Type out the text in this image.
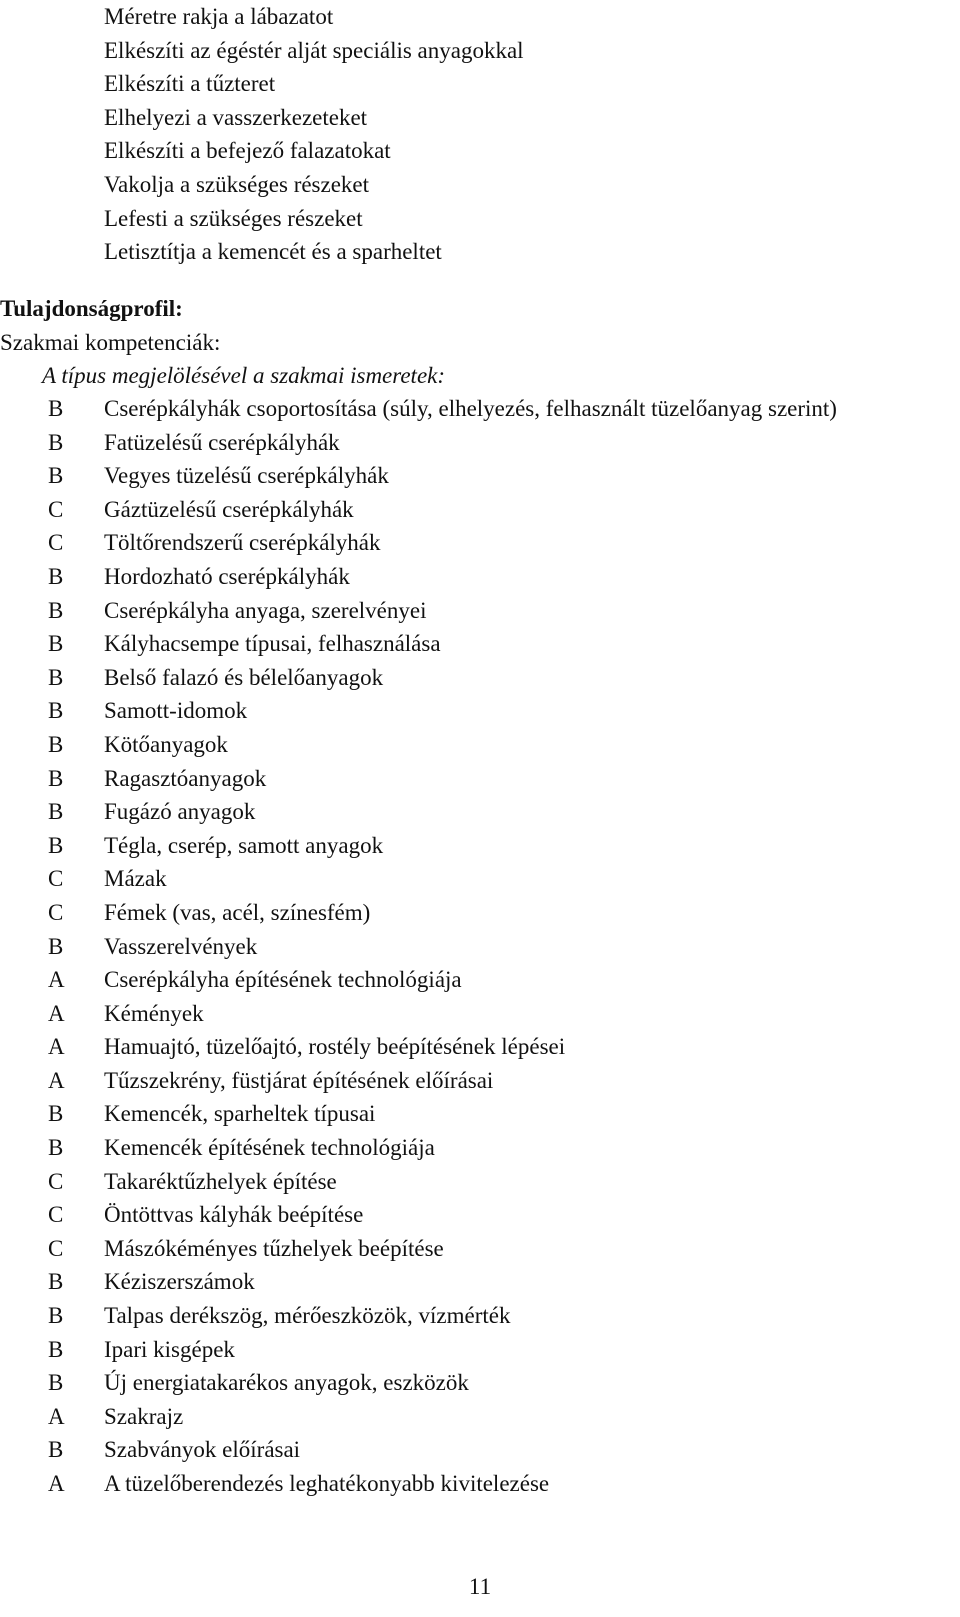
Méretre rakja a lábazatot
Elkészíti az égéstér alját speciális anyagokkal
Elkészíti a tűzteret
Elhelyezi a vasszerkezeteket
Elkészíti a befejező falazatokat
Vakolja a szükséges részeket
Lefesti a szükséges részeket
Letisztítja a kemencét és a sparheltet
Tulajdonságprofil:
Szakmai kompetenciák:
A típus megjelölésével a szakmai ismeretek:
B Cserépkályhák csoportosítása (súly, elhelyezés, felhasznált tüzelőanyag szerint)
B Fatüzelésű cserépkályhák
B Vegyes tüzelésű cserépkályhák
C Gáztüzelésű cserépkályhák
C Töltőrendszerű cserépkályhák
B Hordozható cserépkályhák
B Cserépkályha anyaga, szerelvényei
B Kályhacsempe típusai, felhasználása
B Belső falazó és bélelőanyagok
B Samott-idomok
B Kötőanyagok
B Ragasztóanyagok
B Fugázó anyagok
B Tégla, cserép, samott anyagok
C Mázak
C Fémek (vas, acél, színesfém)
B Vasszerelvények
A Cserépkályha építésének technológiája
A Kémények
A Hamuajtó, tüzelőajtó, rostély beépítésének lépései
A Tűzszekrény, füstjárat építésének előírásai
B Kemencék, sparheltek típusai
B Kemencék építésének technológiája
C Takaréktűzhelyek építése
C Öntöttvas kályhák beépítése
C Mászókéményes tűzhelyek beépítése
B Kéziszerszámok
B Talpas derékszög, mérőeszközök, vízmérték
B Ipari kisgépek
B Új energiatakarékos anyagok, eszközök
A Szakrajz
B Szabványok előírásai
A A tüzelőberendezés leghatékonyabb kivitelezése
11
